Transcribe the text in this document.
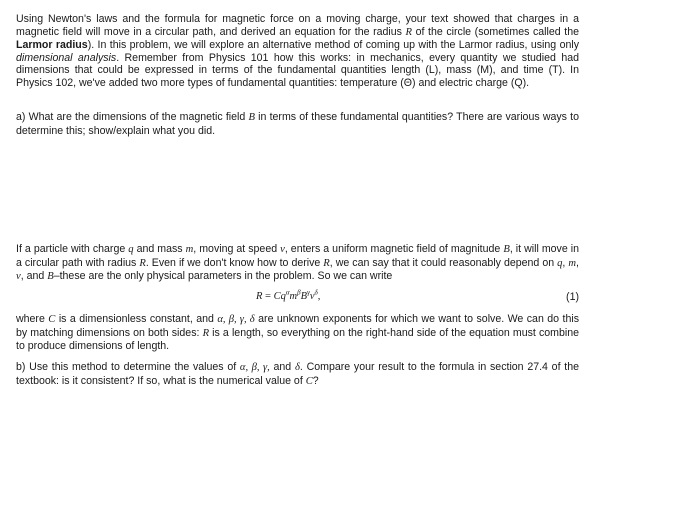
Using Newton's laws and the formula for magnetic force on a moving charge, your text showed that charges in a magnetic field will move in a circular path, and derived an equation for the radius R of the circle (sometimes called the Larmor radius). In this problem, we will explore an alternative method of coming up with the Larmor radius, using only dimensional analysis. Remember from Physics 101 how this works: in mechanics, every quantity we studied had dimensions that could be expressed in terms of the fundamental quantities length (L), mass (M), and time (T). In Physics 102, we've added two more types of fundamental quantities: temperature (Θ) and electric charge (Q).

a) What are the dimensions of the magnetic field B in terms of these fundamental quantities? There are various ways to determine this; show/explain what you did.

If a particle with charge q and mass m, moving at speed v, enters a uniform magnetic field of magnitude B, it will move in a circular path with radius R. Even if we don't know how to derive R, we can say that it could reasonably depend on q, m, v, and B–these are the only physical parameters in the problem. So we can write

$R = Cq^\alpha m^\beta B^\gamma v^\delta$,	(1)

where C is a dimensionless constant, and α, β, γ, δ are unknown exponents for which we want to solve. We can do this by matching dimensions on both sides: R is a length, so everything on the right-hand side of the equation must combine to produce dimensions of length.

b) Use this method to determine the values of α, β, γ, and δ. Compare your result to the formula in section 27.4 of the textbook: is it consistent? If so, what is the numerical value of C?
